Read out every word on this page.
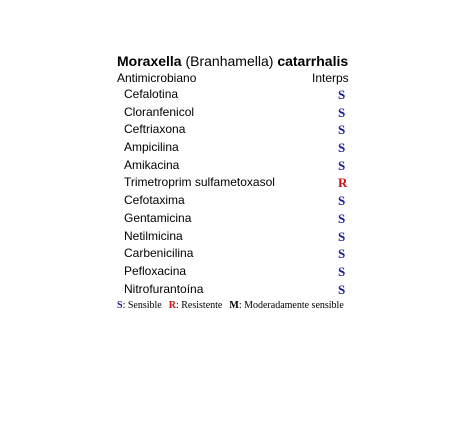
Moraxella (Branhamella) catarrhalis
Antimicrobiano	Interps
Cefalotina	S
Cloranfenicol	S
Ceftriaxona	S
Ampicilina	S
Amikacina	S
Trimetroprim sulfametoxasol	R
Cefotaxima	S
Gentamicina	S
Netilmicina	S
Carbenicilina	S
Pefloxacina	S
Nitrofurantoína	S
S: Sensible R: Resistente M: Moderadamente sensible
